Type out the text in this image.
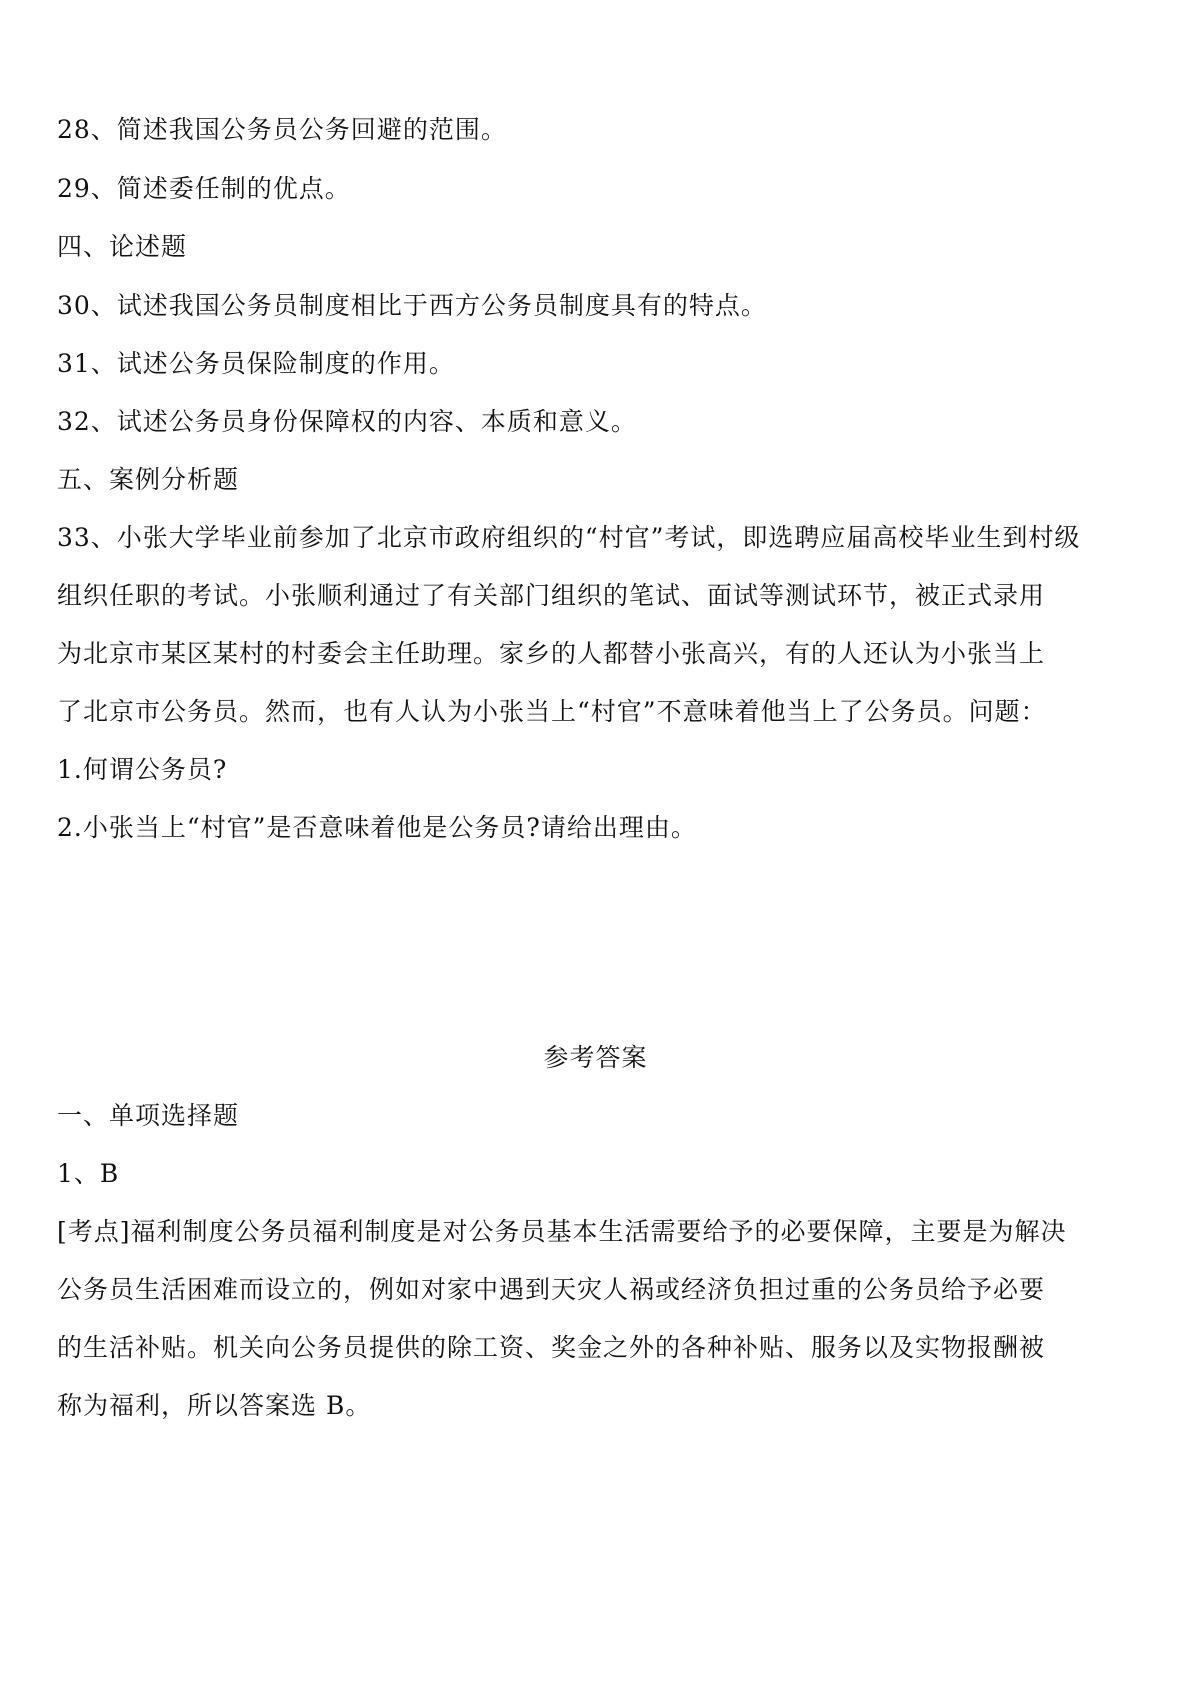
28、简述我国公务员公务回避的范围。
29、简述委任制的优点。
四、论述题
30、试述我国公务员制度相比于西方公务员制度具有的特点。
31、试述公务员保险制度的作用。
32、试述公务员身份保障权的内容、本质和意义。
五、案例分析题
33、小张大学毕业前参加了北京市政府组织的“村官”考试，即选聘应届高校毕业生到村级
组织任职的考试。小张顺利通过了有关部门组织的笔试、面试等测试环节，被正式录用
为北京市某区某村的村委会主任助理。家乡的人都替小张高兴，有的人还认为小张当上
了北京市公务员。然而，也有人认为小张当上“村官”不意味着他当上了公务员。问题：
1.何谓公务员?
2.小张当上“村官”是否意味着他是公务员?请给出理由。
参考答案
一、单项选择题
1、B
[考点]福利制度公务员福利制度是对公务员基本生活需要给予的必要保障，主要是为解决
公务员生活困难而设立的，例如对家中遇到天灾人祸或经济负担过重的公务员给予必要
的生活补贴。机关向公务员提供的除工资、奖金之外的各种补贴、服务以及实物报酬被
称为福利，所以答案选 B。
